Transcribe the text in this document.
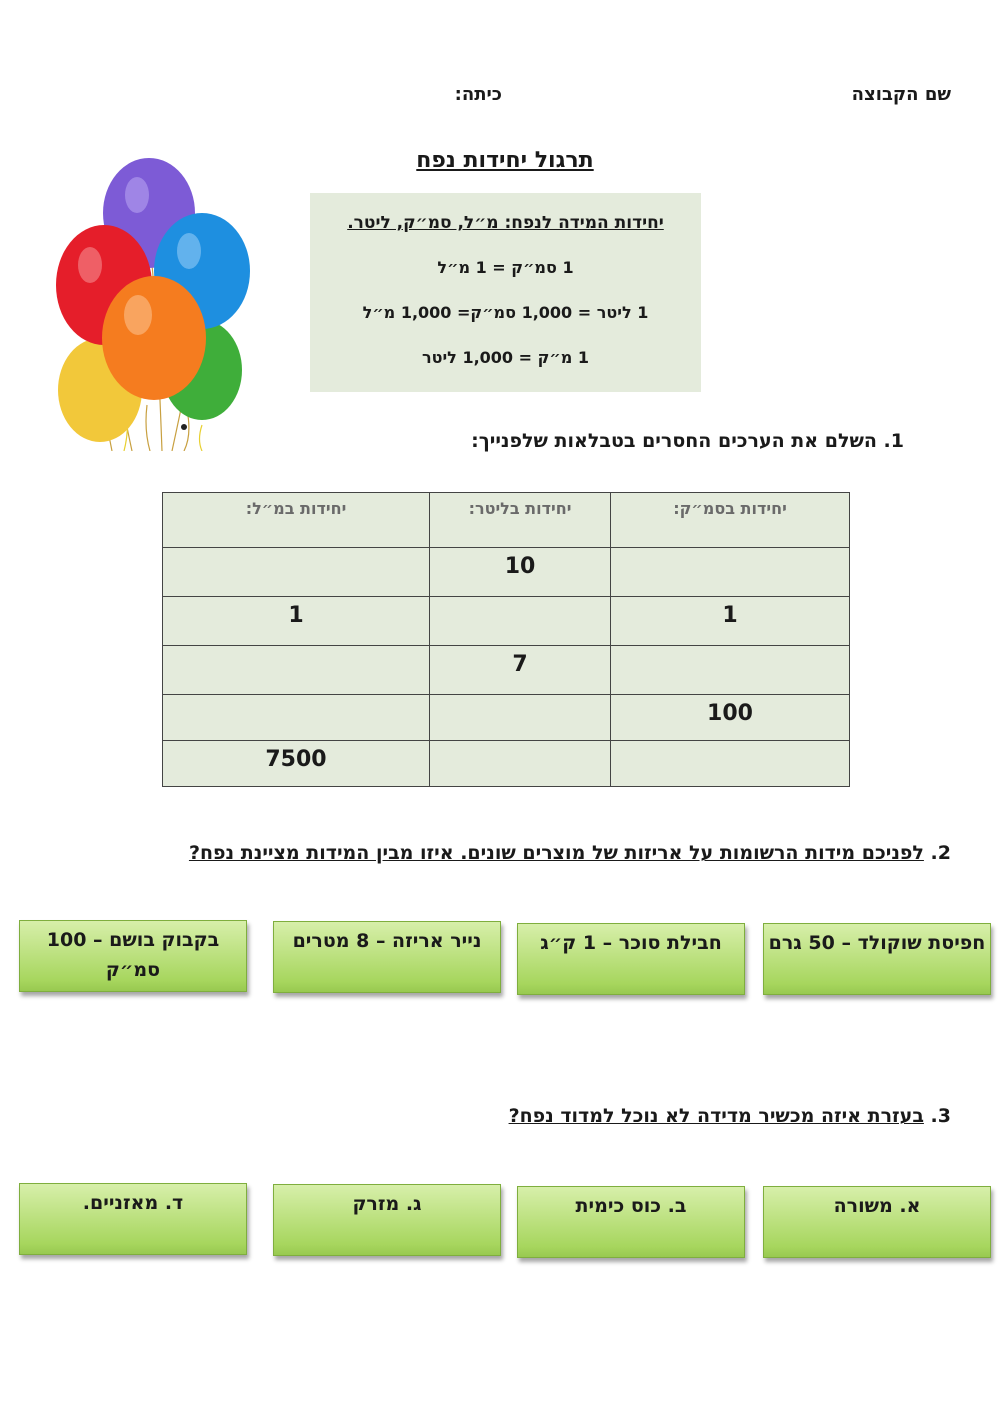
שם הקבוצה
כיתה:
תרגול יחידות נפח
יחידות המידה לנפח: מ״ל, סמ״ק, ליטר.
1 סמ״ק = 1 מ״ל
1 ליטר = 1,000 סמ״ק= 1,000 מ״ל
1 מ״ק = 1,000 ליטר
1. השלם את הערכים החסרים בטבלאות שלפנייך:
יחידות בסמ״ק:	יחידות בליטר:	יחידות במ״ל:
	10	
1		1
	7	
100		
		7500
2. לפניכם מידות הרשומות על אריזות של מוצרים שונים. איזו מבין המידות מציינת נפח?
חפיסת שוקולד – 50 גרם
חבילת סוכר – 1 ק״ג
נייר אריזה – 8 מטרים
בקבוק בושם – 100 סמ״ק
3. בעזרת איזה מכשיר מדידה לא נוכל למדוד נפח?
א. משורה
ב. כוס כימית
ג. מזרק
ד. מאזניים.
